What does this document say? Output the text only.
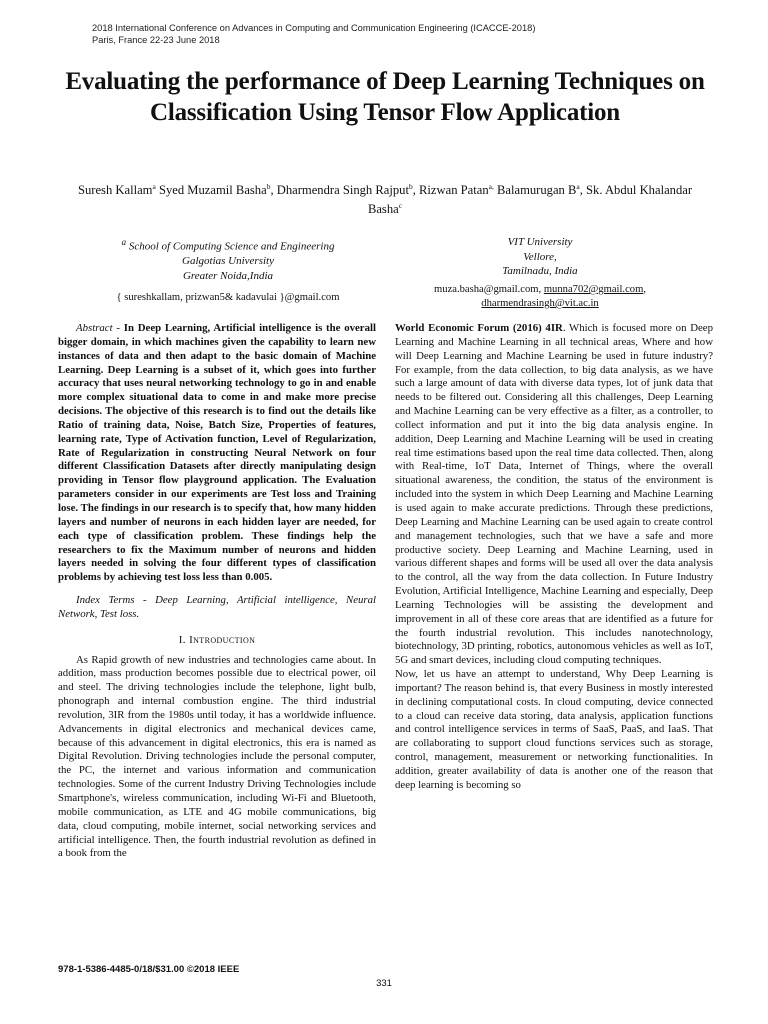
2018 International Conference on Advances in Computing and Communication Engineering (ICACCE-2018)
Paris, France 22-23 June 2018
Evaluating the performance of Deep Learning Techniques on Classification Using Tensor Flow Application
Suresh Kallam$^a$ Syed Muzamil Basha$^b$, Dharmendra Singh Rajput$^b$, Rizwan Patan$^{a,}$ Balamurugan $B^a$, Sk. Abdul Khalandar Basha$^c$
$^a$ School of Computing Science and Engineering
Galgotias University
Greater Noida,India
VIT University
Vellore,
Tamilnadu, India
{ sureshkallam, prizwan5& kadavulai }@gmail.com
muza.basha@gmail.com, munna702@gmail.com,
dharmendrasingh@vit.ac.in

Abstract - In Deep Learning, Artificial intelligence is the overall bigger domain, in which machines given the capability to learn new instances of data and then adapt to the basic domain of Machine Learning. Deep Learning is a subset of it, which goes into further accuracy that uses neural networking technology to go in and enable more complex situational data to come in and make more precise decisions. The objective of this research is to find out the details like Ratio of training data, Noise, Batch Size, Properties of features, learning rate, Type of Activation function, Level of Regularization, Rate of Regularization in constructing Neural Network on four different Classification Datasets after directly manipulating design providing in Tensor flow playground application. The Evaluation parameters consider in our experiments are Test loss and Training lose. The findings in our research is to specify that, how many hidden layers and number of neurons in each hidden layer are needed, for each type of classification problem. These findings help the researchers to fix the Maximum number of neurons and hidden layers needed in solving the four different types of classification problems by achieving test loss less than 0.005.

Index Terms - Deep Learning, Artificial intelligence, Neural Network, Test loss.

I. Introduction

As Rapid growth of new industries and technologies came about. In addition, mass production becomes possible due to electrical power, oil and steel. The driving technologies include the telephone, light bulb, phonograph and internal combustion engine. The third industrial revolution, 3IR from the 1980s until today, it has a worldwide influence. Advancements in digital electronics and mechanical devices came, because of this advancement in digital electronics, this era is named as Digital Revolution. Driving technologies include the personal computer, the PC, the internet and various information and communication technologies. Some of the current Industry Driving Technologies include Smartphone's, wireless communication, including Wi-Fi and Bluetooth, mobile communication, as LTE and 4G mobile communications, big data, cloud computing, mobile internet, social networking services and artificial intelligence. Then, the fourth industrial revolution as defined in a book from the

World Economic Forum (2016) 4IR. Which is focused more on Deep Learning and Machine Learning in all technical areas, Where and how will Deep Learning and Machine Learning be used in future industry? For example, from the data collection, to big data analysis, as we have such a large amount of data with diverse data types, lot of junk data that needs to be filtered out. Considering all this challenges, Deep Learning and Machine Learning can be very effective as a filter, as a controller, to collect information and put it into the big data analysis engine. In addition, Deep Learning and Machine Learning will be used in creating real time estimations based upon the real time data collected. Then, along with Real-time, IoT Data, Internet of Things, where the overall situational awareness, the condition, the status of the environment is included into the system in which Deep Learning and Machine Learning is used again to make accurate predictions. Through these predictions, Deep Learning and Machine Learning can be used again to create control and management technologies, such that we have a safe and more productive society. Deep Learning and Machine Learning, used in various different shapes and forms will be used all over the data analysis to the control, all the way from the data collection. In Future Industry Evolution, Artificial Intelligence, Machine Learning and especially, Deep Learning Technologies will be assisting the development and improvement in all of these core areas that are identified as a future for the fourth industrial revolution. This includes nanotechnology, biotechnology, 3D printing, robotics, autonomous vehicles as well as IoT, 5G and smart devices, including cloud computing techniques.

Now, let us have an attempt to understand, Why Deep Learning is important? The reason behind is, that every Business in mostly interested in declining computational costs. In cloud computing, device connected to a cloud can receive data storing, data analysis, application functions and control intelligence services in terms of SaaS, PaaS, and IaaS. That are collaborating to support cloud functions services such as storage, control, management, measurement or networking functionalities. In addition, greater availability of data is another one of the reason that deep learning is becoming so

978-1-5386-4485-0/18/$31.00 ©2018 IEEE
331
